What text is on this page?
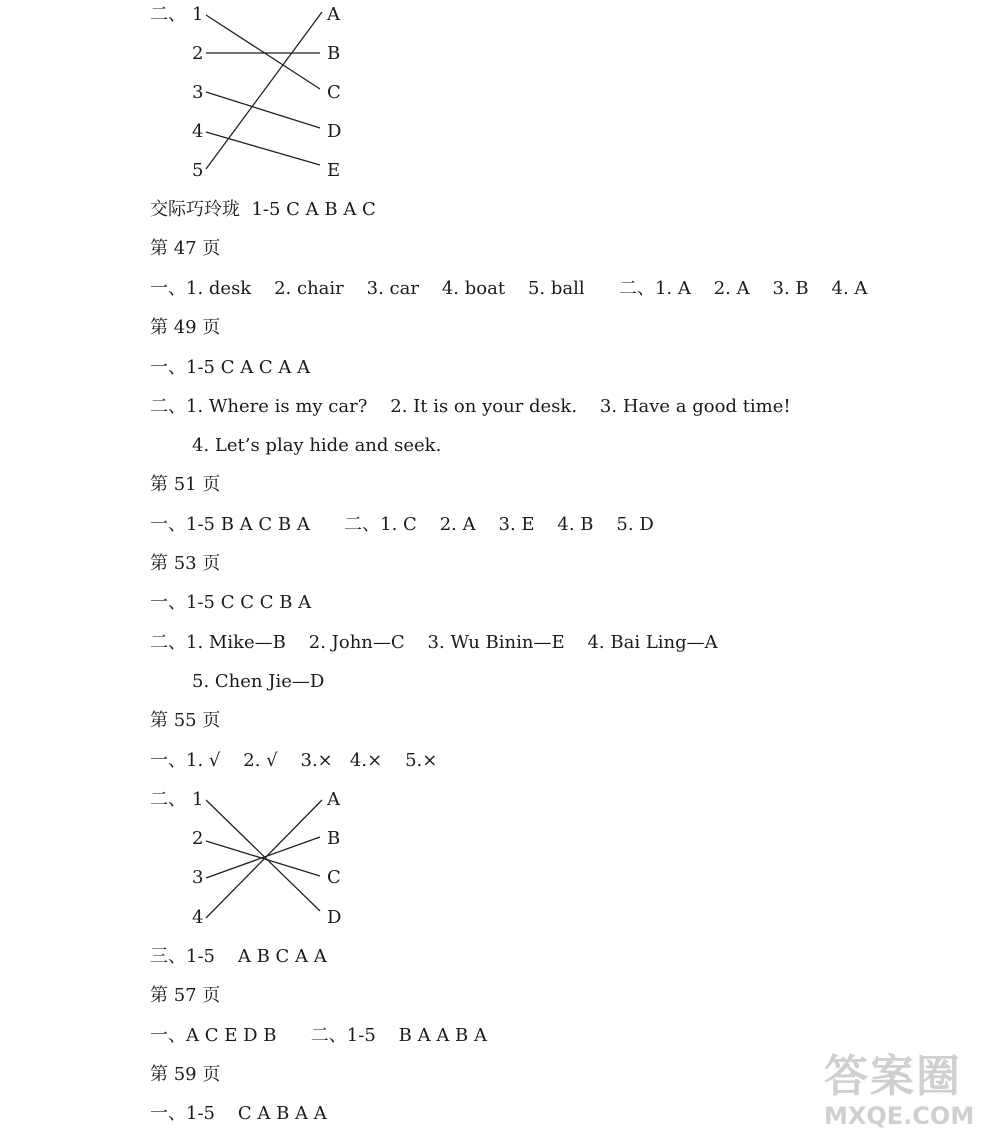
二、 1
2
3
4
5
A
B
C
D
E
交际巧玲珑  1-5 C A B A C
第 47 页
一、1. desk    2. chair    3. car    4. boat    5. ball      二、1. A    2. A    3. B    4. A
第 49 页
一、1-5 C A C A A
二、1. Where is my car?    2. It is on your desk.    3. Have a good time!
4. Let’s play hide and seek.
第 51 页
一、1-5 B A C B A      二、1. C    2. A    3. E    4. B    5. D
第 53 页
一、1-5 C C C B A
二、1. Mike—B    2. John—C    3. Wu Binin—E    4. Bai Ling—A
5. Chen Jie—D
第 55 页
一、1. √    2. √    3.×   4.×    5.×
二、 1
2
3
4
A
B
C
D
三、1-5    A B C A A
第 57 页
一、A C E D B      二、1-5    B A A B A
第 59 页
一、1-5    C A B A A
答案圈
MXQE.COM
